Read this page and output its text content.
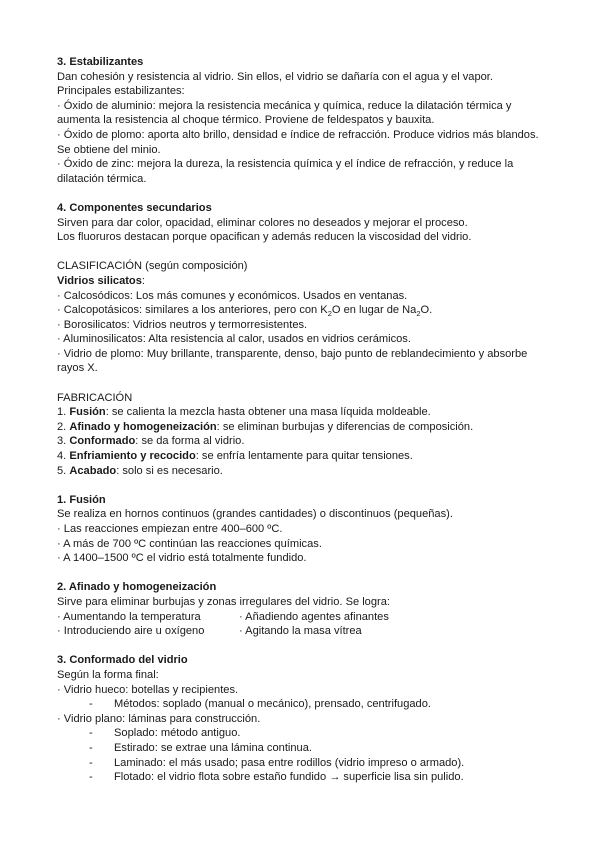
3. Estabilizantes
Dan cohesión y resistencia al vidrio. Sin ellos, el vidrio se dañaría con el agua y el vapor.
Principales estabilizantes:
· Óxido de aluminio: mejora la resistencia mecánica y química, reduce la dilatación térmica y
aumenta la resistencia al choque térmico. Proviene de feldespatos y bauxita.
· Óxido de plomo: aporta alto brillo, densidad e índice de refracción. Produce vidrios más blandos.
Se obtiene del minio.
· Óxido de zinc: mejora la dureza, la resistencia química y el índice de refracción, y reduce la
dilatación térmica.
4. Componentes secundarios
Sirven para dar color, opacidad, eliminar colores no deseados y mejorar el proceso.
Los fluoruros destacan porque opacifican y además reducen la viscosidad del vidrio.
CLASIFICACIÓN (según composición)
Vidrios silicatos:
· Calcosódicos: Los más comunes y económicos. Usados en ventanas.
· Calcopotásicos: similares a los anteriores, pero con $K_2O$ en lugar de $Na_2O$.
· Borosilicatos: Vidrios neutros y termorresistentes.
· Aluminosilicatos: Alta resistencia al calor, usados en vidrios cerámicos.
· Vidrio de plomo: Muy brillante, transparente, denso, bajo punto de reblandecimiento y absorbe
rayos X.
FABRICACIÓN
1. Fusión: se calienta la mezcla hasta obtener una masa líquida moldeable.
2. Afinado y homogeneización: se eliminan burbujas y diferencias de composición.
3. Conformado: se da forma al vidrio.
4. Enfriamiento y recocido: se enfría lentamente para quitar tensiones.
5. Acabado: solo si es necesario.
1. Fusión
Se realiza en hornos continuos (grandes cantidades) o discontinuos (pequeñas).
· Las reacciones empiezan entre 400–600 ºC.
· A más de 700 ºC continúan las reacciones químicas.
· A 1400–1500 ºC el vidrio está totalmente fundido.
2. Afinado y homogeneización
Sirve para eliminar burbujas y zonas irregulares del vidrio. Se logra:
· Aumentando la temperatura	· Añadiendo agentes afinantes
· Introduciendo aire u oxígeno	· Agitando la masa vítrea
3. Conformado del vidrio
Según la forma final:
· Vidrio hueco: botellas y recipientes.
-	Métodos: soplado (manual o mecánico), prensado, centrifugado.
· Vidrio plano: láminas para construcción.
-	Soplado: método antiguo.
-	Estirado: se extrae una lámina continua.
-	Laminado: el más usado; pasa entre rodillos (vidrio impreso o armado).
-	Flotado: el vidrio flota sobre estaño fundido → superficie lisa sin pulido.
